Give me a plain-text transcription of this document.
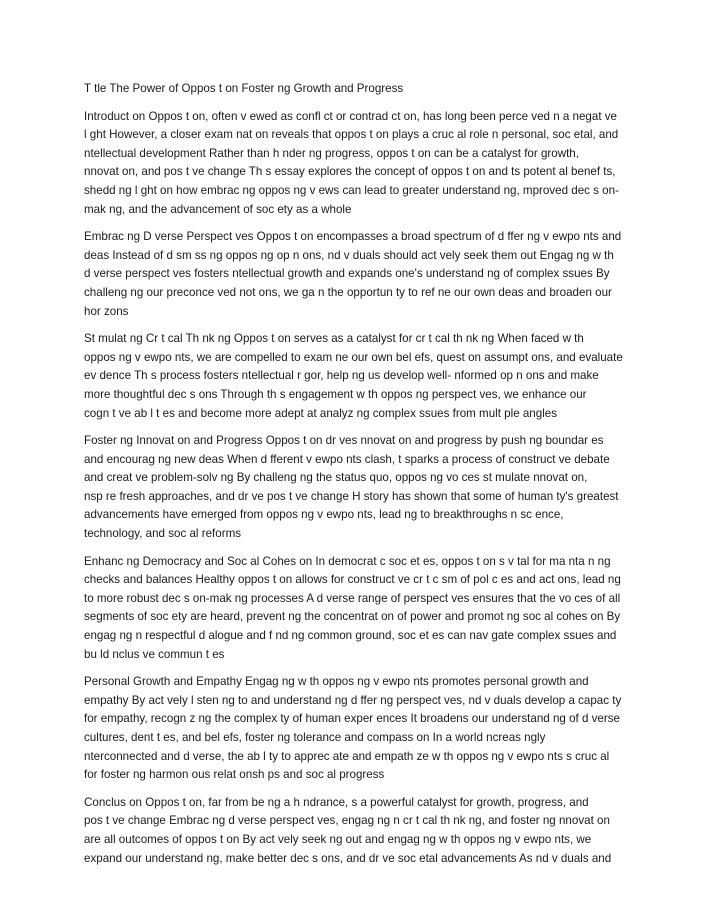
T tle The Power of Oppos t on Foster ng Growth and Progress
Introduct on Oppos t on, often v ewed as confl ct or contrad ct on, has long been perce ved n a negat ve
l ght However, a closer exam nat on reveals that oppos t on plays a cruc al role n personal, soc etal, and
ntellectual development Rather than h nder ng progress, oppos t on can be a catalyst for growth,
nnovat on, and pos t ve change Th s essay explores the concept of oppos t on and ts potent al benef ts,
shedd ng l ght on how embrac ng oppos ng v ews can lead to greater understand ng, mproved dec s on-
mak ng, and the advancement of soc ety as a whole
Embrac ng D verse Perspect ves Oppos t on encompasses a broad spectrum of d ffer ng v ewpo nts and
deas Instead of d sm ss ng oppos ng op n ons, nd v duals should act vely seek them out Engag ng w th
d verse perspect ves fosters ntellectual growth and expands one's understand ng of complex ssues By
challeng ng our preconce ved not ons, we ga n the opportun ty to ref ne our own deas and broaden our
hor zons
St mulat ng Cr t cal Th nk ng Oppos t on serves as a catalyst for cr t cal th nk ng When faced w th
oppos ng v ewpo nts, we are compelled to exam ne our own bel efs, quest on assumpt ons, and evaluate
ev dence Th s process fosters ntellectual r gor, help ng us develop well- nformed op n ons and make
more thoughtful dec s ons Through th s engagement w th oppos ng perspect ves, we enhance our
cogn t ve ab l t es and become more adept at analyz ng complex ssues from mult ple angles
Foster ng Innovat on and Progress Oppos t on dr ves nnovat on and progress by push ng boundar es
and encourag ng new deas When d fferent v ewpo nts clash, t sparks a process of construct ve debate
and creat ve problem-solv ng By challeng ng the status quo, oppos ng vo ces st mulate nnovat on,
nsp re fresh approaches, and dr ve pos t ve change H story has shown that some of human ty's greatest
advancements have emerged from oppos ng v ewpo nts, lead ng to breakthroughs n sc ence,
technology, and soc al reforms
Enhanc ng Democracy and Soc al Cohes on In democrat c soc et es, oppos t on s v tal for ma nta n ng
checks and balances Healthy oppos t on allows for construct ve cr t c sm of pol c es and act ons, lead ng
to more robust dec s on-mak ng processes A d verse range of perspect ves ensures that the vo ces of all
segments of soc ety are heard, prevent ng the concentrat on of power and promot ng soc al cohes on By
engag ng n respectful d alogue and f nd ng common ground, soc et es can nav gate complex ssues and
bu ld nclus ve commun t es
Personal Growth and Empathy Engag ng w th oppos ng v ewpo nts promotes personal growth and
empathy By act vely l sten ng to and understand ng d ffer ng perspect ves, nd v duals develop a capac ty
for empathy, recogn z ng the complex ty of human exper ences It broadens our understand ng of d verse
cultures, dent t es, and bel efs, foster ng tolerance and compass on In a world ncreas ngly
nterconnected and d verse, the ab l ty to apprec ate and empath ze w th oppos ng v ewpo nts s cruc al
for foster ng harmon ous relat onsh ps and soc al progress
Conclus on Oppos t on, far from be ng a h ndrance, s a powerful catalyst for growth, progress, and
pos t ve change Embrac ng d verse perspect ves, engag ng n cr t cal th nk ng, and foster ng nnovat on
are all outcomes of oppos t on By act vely seek ng out and engag ng w th oppos ng v ewpo nts, we
expand our understand ng, make better dec s ons, and dr ve soc etal advancements As nd v duals and
